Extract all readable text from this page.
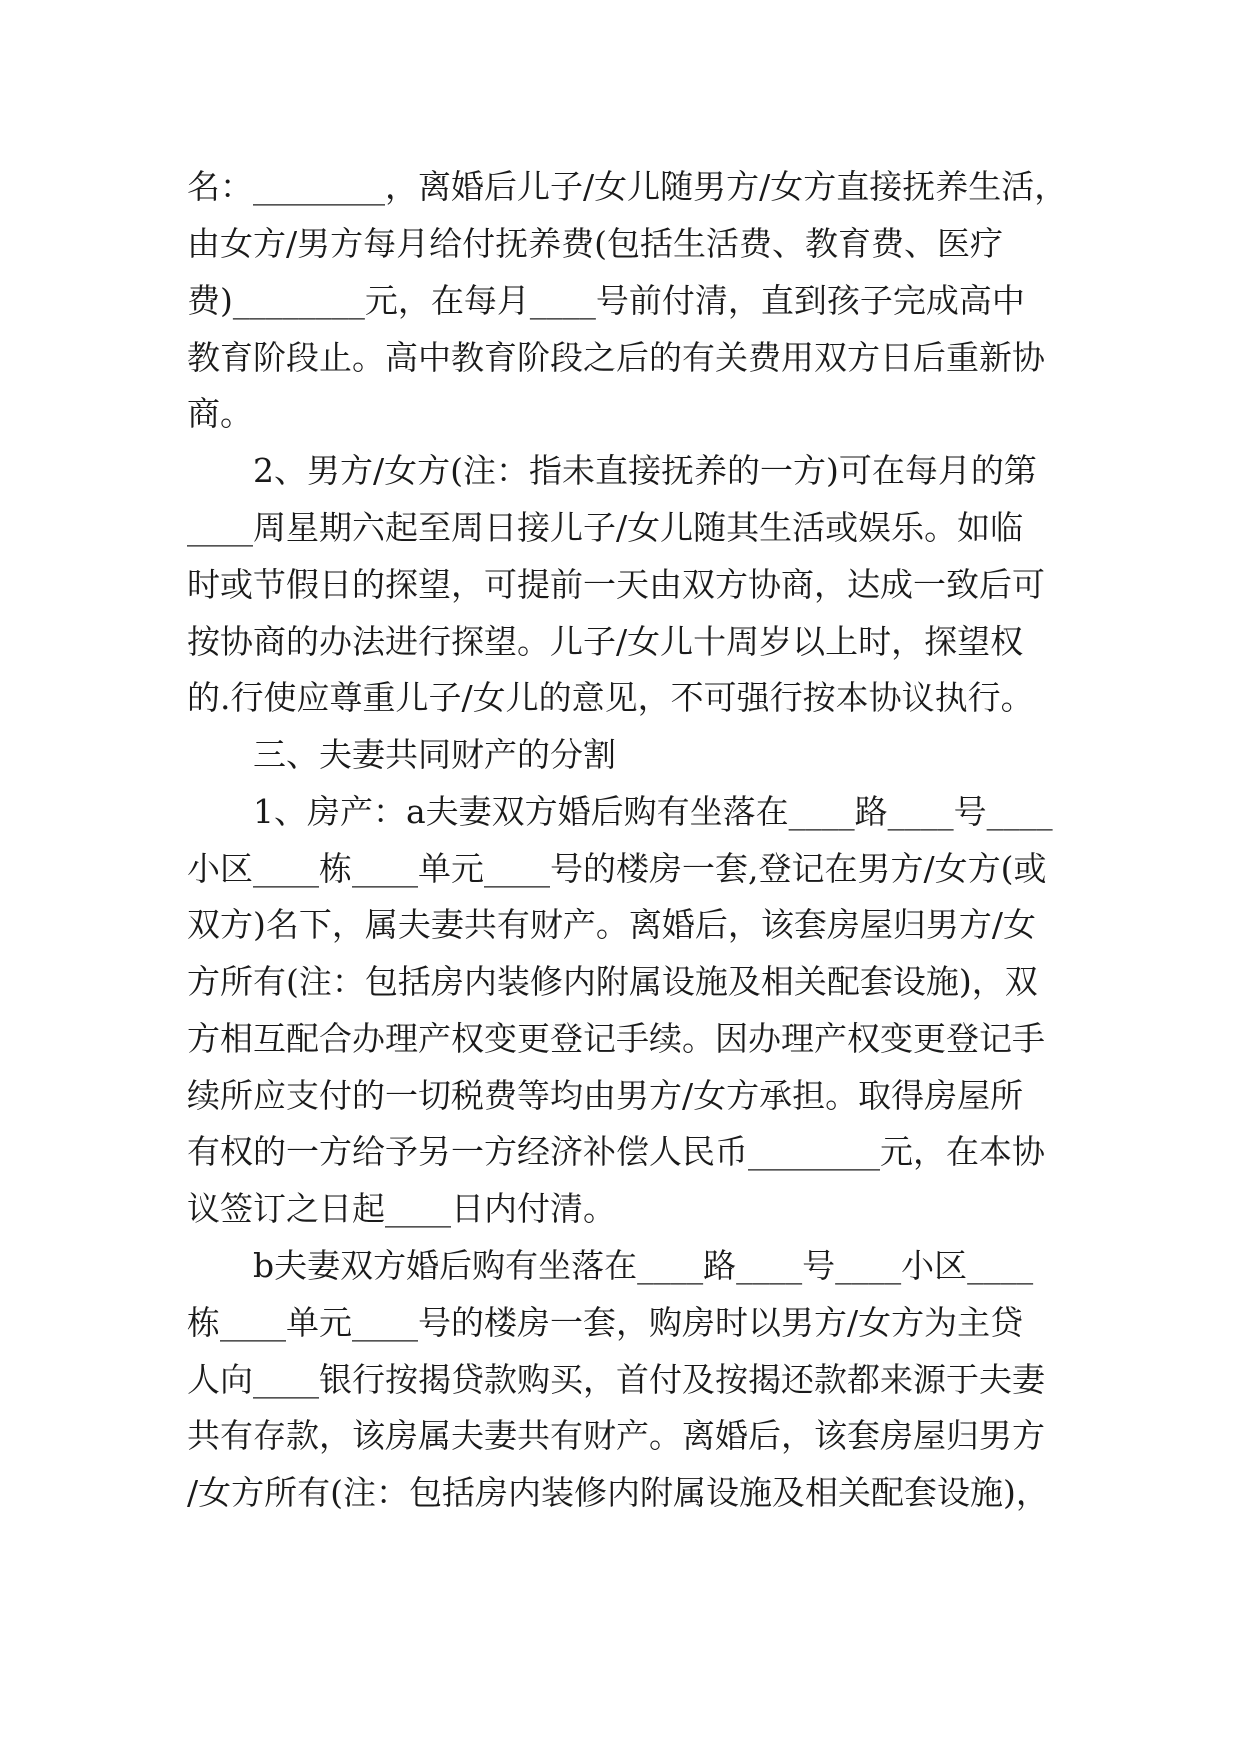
名：________，离婚后儿子/女儿随男方/女方直接抚养生活，
由女方/男方每月给付抚养费(包括生活费、教育费、医疗
费)________元，在每月____号前付清，直到孩子完成高中
教育阶段止。高中教育阶段之后的有关费用双方日后重新协
商。
2、男方/女方(注：指未直接抚养的一方)可在每月的第
____周星期六起至周日接儿子/女儿随其生活或娱乐。如临
时或节假日的探望，可提前一天由双方协商，达成一致后可
按协商的办法进行探望。儿子/女儿十周岁以上时，探望权
的.行使应尊重儿子/女儿的意见，不可强行按本协议执行。
三、夫妻共同财产的分割
1、房产：a夫妻双方婚后购有坐落在____路____号____
小区____栋____单元____号的楼房一套,登记在男方/女方(或
双方)名下，属夫妻共有财产。离婚后，该套房屋归男方/女
方所有(注：包括房内装修内附属设施及相关配套设施)，双
方相互配合办理产权变更登记手续。因办理产权变更登记手
续所应支付的一切税费等均由男方/女方承担。取得房屋所
有权的一方给予另一方经济补偿人民币________元，在本协
议签订之日起____日内付清。
b夫妻双方婚后购有坐落在____路____号____小区____
栋____单元____号的楼房一套，购房时以男方/女方为主贷
人向____银行按揭贷款购买，首付及按揭还款都来源于夫妻
共有存款，该房属夫妻共有财产。离婚后，该套房屋归男方
/女方所有(注：包括房内装修内附属设施及相关配套设施)，
